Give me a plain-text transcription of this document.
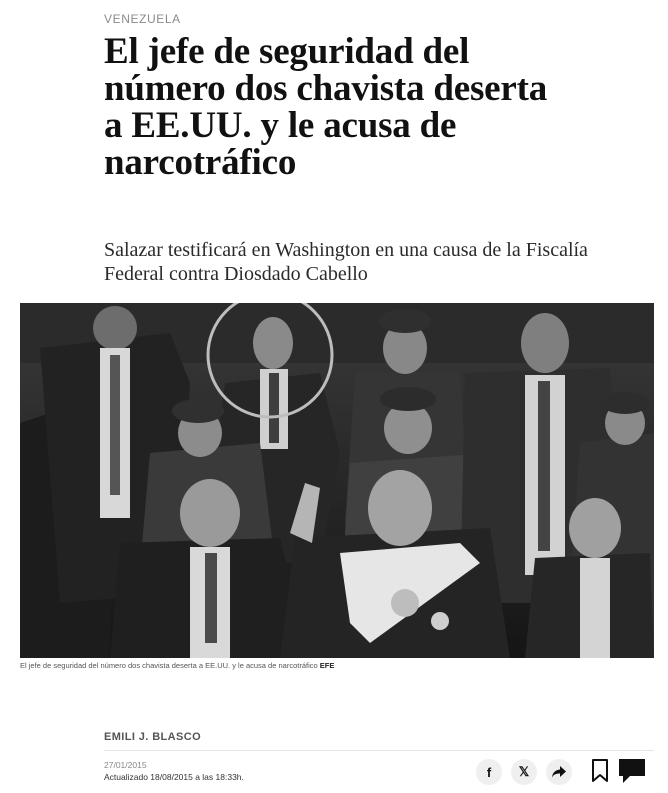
VENEZUELA
El jefe de seguridad del número dos chavista deserta a EE.UU. y le acusa de narcotráfico

Salazar testificará en Washington en una causa de la Fiscalía Federal contra Diosdado Cabello

El jefe de seguridad del número dos chavista deserta a EE.UU. y le acusa de narcotráfico EFE
EMILI J. BLASCO
27/01/2015
Actualizado 18/08/2015 a las 18:33h.	f 𝕏
